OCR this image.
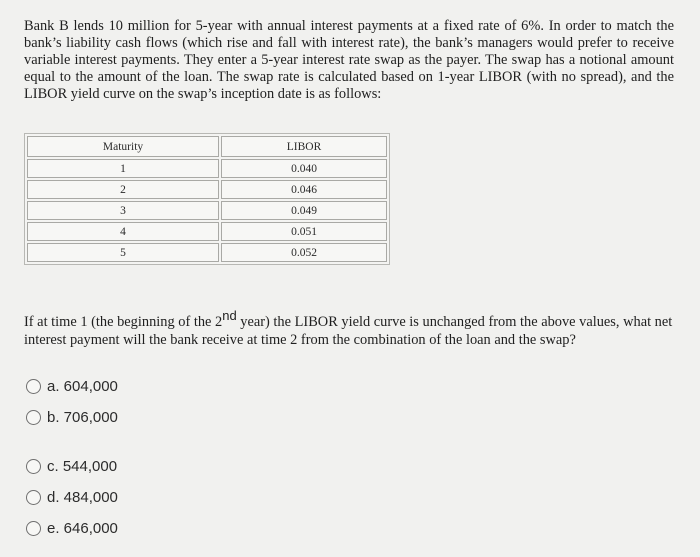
Bank B lends 10 million for 5-year with annual interest payments at a fixed rate of 6%. In order to match the bank’s liability cash flows (which rise and fall with interest rate), the bank’s managers would prefer to receive variable interest payments. They enter a 5-year interest rate swap as the payer. The swap has a notional amount equal to the amount of the loan. The swap rate is calculated based on 1-year LIBOR (with no spread), and the LIBOR yield curve on the swap’s inception date is as follows:

Maturity	LIBOR
1	0.040
2	0.046
3	0.049
4	0.051
5	0.052

If at time 1 (the beginning of the 2nd year) the LIBOR yield curve is unchanged from the above values, what net interest payment will the bank receive at time 2 from the combination of the loan and the swap?

a. 604,000
b. 706,000
c. 544,000
d. 484,000
e. 646,000
